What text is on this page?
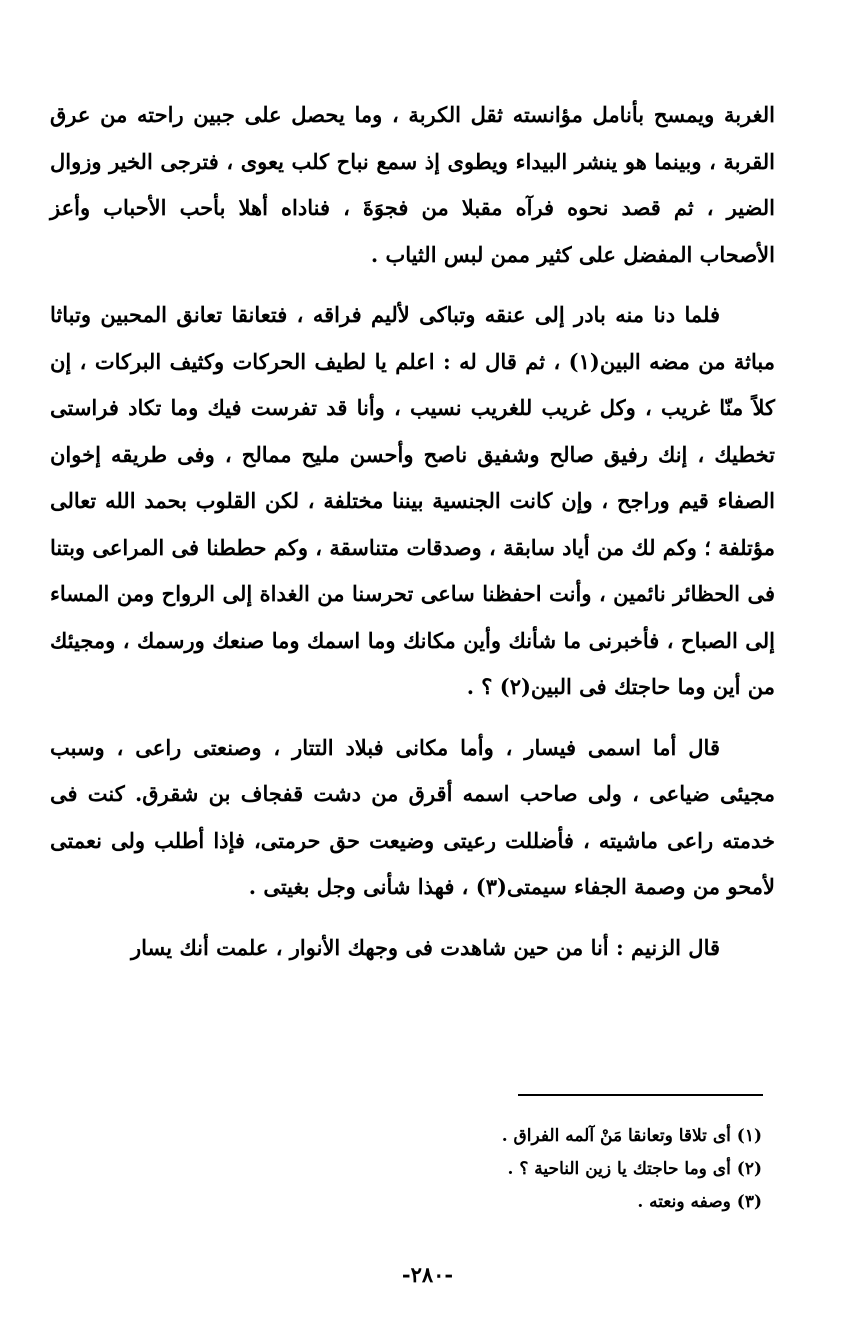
الغربة ويمسح بأنامل مؤانسته ثقل الكربة ، وما يحصل على جبين راحته من عرق القربة ، وبينما هو ينشر البيداء ويطوى إذ سمع نباح كلب يعوى ، فترجى الخير وزوال الضير ، ثم قصد نحوه فرآه مقبلا من فجوَةَ ، فناداه أهلا بأحب الأحباب وأعز الأصحاب المفضل على كثير ممن لبس الثياب .

فلما دنا منه بادر إلى عنقه وتباكى لأليم فراقه ، فتعانقا تعانق المحبين وتباثا مباثة من مضه البين(١) ، ثم قال له : اعلم يا لطيف الحركات وكثيف البركات ، إن كلاً منّا غريب ، وكل غريب للغريب نسيب ، وأنا قد تفرست فيك وما تكاد فراستى تخطيك ، إنك رفيق صالح وشفيق ناصح وأحسن مليح ممالح ، وفى طريقه إخوان الصفاء قيم وراجح ، وإن كانت الجنسية بيننا مختلفة ، لكن القلوب بحمد الله تعالى مؤتلفة ؛ وكم لك من أياد سابقة ، وصدقات متناسقة ، وكم حططنا فى المراعى وبتنا فى الحظائر نائمين ، وأنت احفظنا ساعى تحرسنا من الغداة إلى الرواح ومن المساء إلى الصباح ، فأخبرنى ما شأنك وأين مكانك وما اسمك وما صنعك ورسمك ، ومجيئك من أين وما حاجتك فى البين(٢) ؟ .

قال أما اسمى فيسار ، وأما مكانى فبلاد التتار ، وصنعتى راعى ، وسبب مجيئى ضياعى ، ولى صاحب اسمه أقرق من دشت قفجاف بن شقرق. كنت فى خدمته راعى ماشيته ، فأضللت رعيتى وضيعت حق حرمتى، فإذا أطلب ولى نعمتى لأمحو من وصمة الجفاء سيمتى(٣) ، فهذا شأنى وجل بغيتى .

قال الزنيم : أنا من حين شاهدت فى وجهك الأنوار ، علمت أنك يسار

(١) أى تلاقا وتعانقا مَنْ آلمه الفراق .

(٢) أى وما حاجتك يا زين الناحية ؟ .

(٣) وصفه ونعته .

-٢٨٠-
